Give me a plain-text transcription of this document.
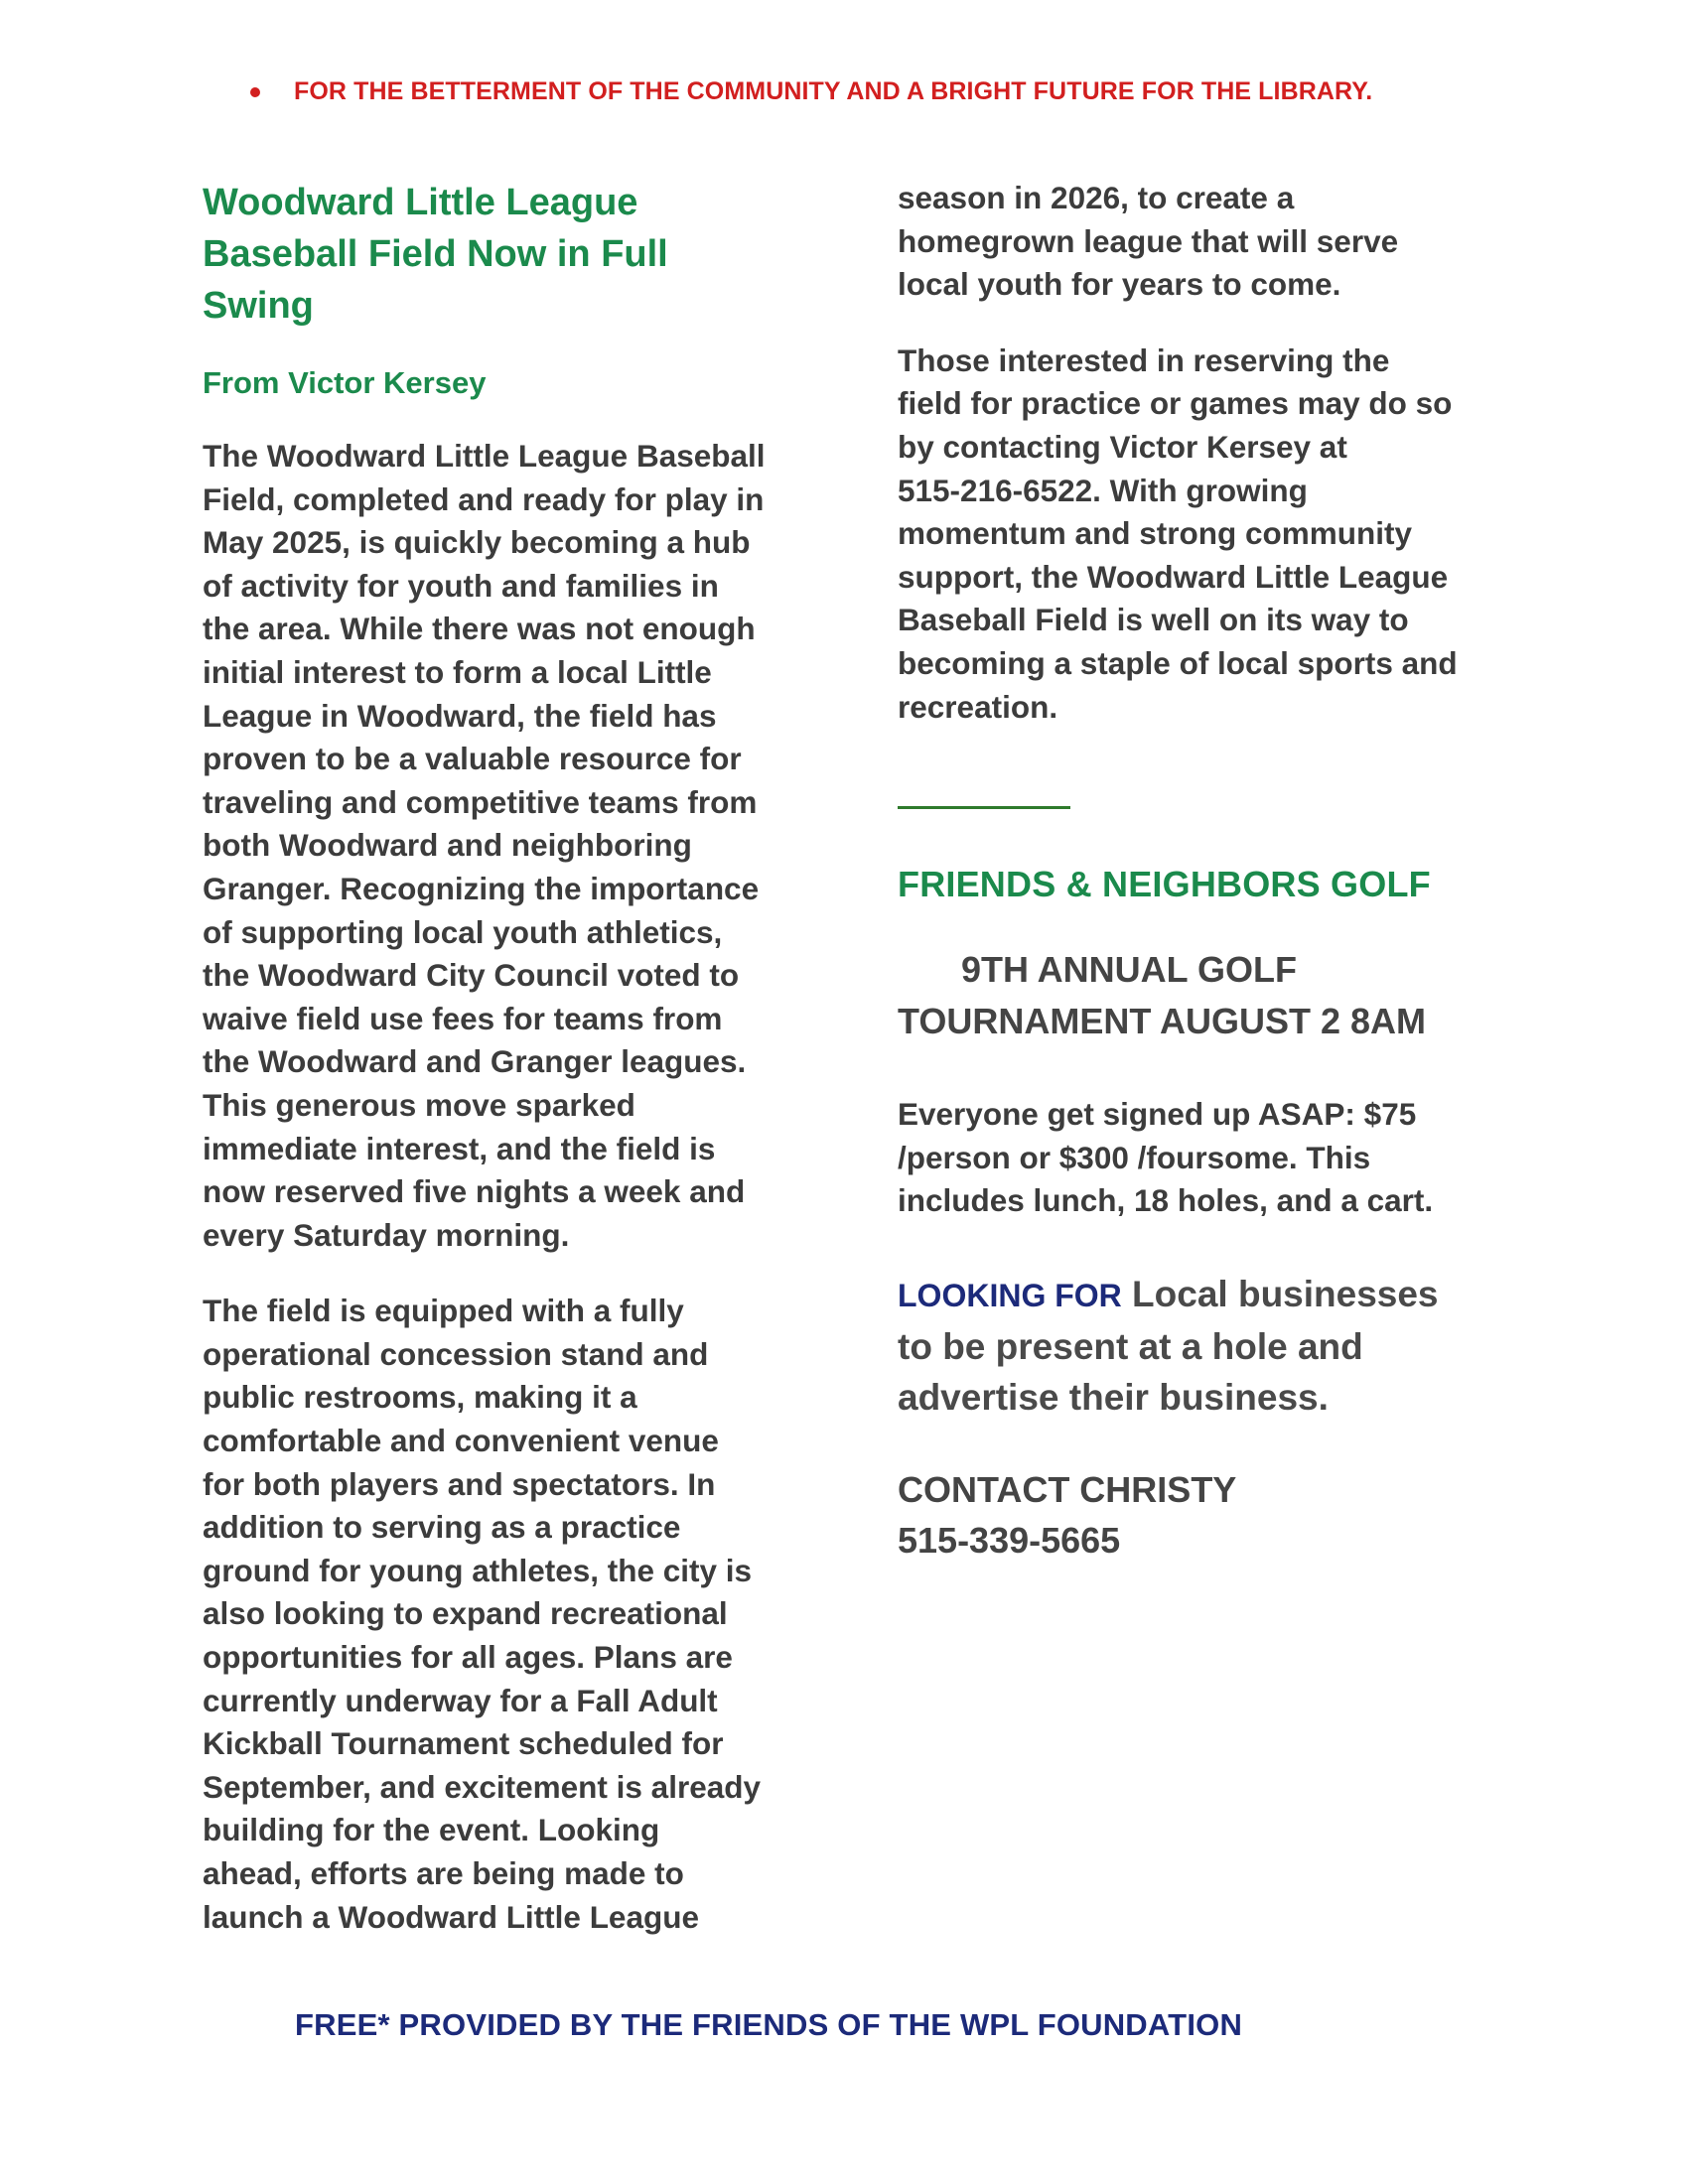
FOR THE BETTERMENT OF THE COMMUNITY AND A BRIGHT FUTURE FOR THE LIBRARY.
Woodward Little League
Baseball Field Now in Full
Swing
From Victor Kersey
The Woodward Little League Baseball
Field, completed and ready for play in
May 2025, is quickly becoming a hub
of activity for youth and families in
the area. While there was not enough
initial interest to form a local Little
League in Woodward, the field has
proven to be a valuable resource for
traveling and competitive teams from
both Woodward and neighboring
Granger. Recognizing the importance
of supporting local youth athletics,
the Woodward City Council voted to
waive field use fees for teams from
the Woodward and Granger leagues.
This generous move sparked
immediate interest, and the field is
now reserved five nights a week and
every Saturday morning.
The field is equipped with a fully
operational concession stand and
public restrooms, making it a
comfortable and convenient venue
for both players and spectators. In
addition to serving as a practice
ground for young athletes, the city is
also looking to expand recreational
opportunities for all ages. Plans are
currently underway for a Fall Adult
Kickball Tournament scheduled for
September, and excitement is already
building for the event. Looking
ahead, efforts are being made to
launch a Woodward Little League
season in 2026, to create a
homegrown league that will serve
local youth for years to come.
Those interested in reserving the
field for practice or games may do so
by contacting Victor Kersey at
515-216-6522. With growing
momentum and strong community
support, the Woodward Little League
Baseball Field is well on its way to
becoming a staple of local sports and
recreation.
FRIENDS & NEIGHBORS GOLF
9TH ANNUAL GOLF
TOURNAMENT AUGUST 2 8AM
Everyone get signed up ASAP: $75
/person or $300 /foursome. This
includes lunch, 18 holes, and a cart.
LOOKING FOR Local businesses
to be present at a hole and
advertise their business.
CONTACT CHRISTY
515-339-5665
FREE* PROVIDED BY THE FRIENDS OF THE WPL FOUNDATION
